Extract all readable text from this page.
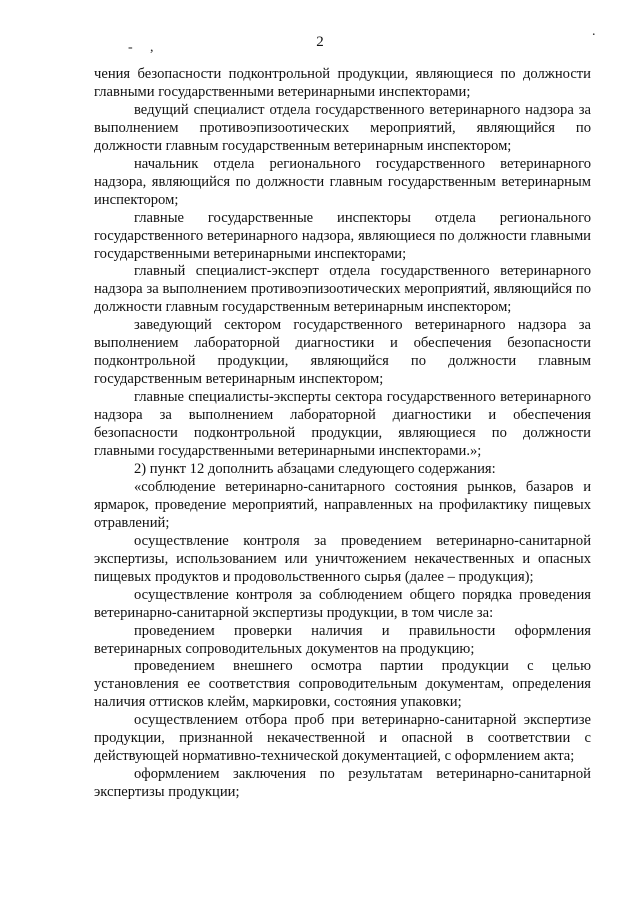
2
- ,
.

чения безопасности подконтрольной продукции, являющиеся по должности главными государственными ветеринарными инспекторами;

ведущий специалист отдела государственного ветеринарного надзора за выполнением противоэпизоотических мероприятий, являющийся по должности главным государственным ветеринарным инспектором;

начальник отдела регионального государственного ветеринарного надзора, являющийся по должности главным государственным ветеринарным инспектором;

главные государственные инспекторы отдела регионального государственного ветеринарного надзора, являющиеся по должности главными государственными ветеринарными инспекторами;

главный специалист-эксперт отдела государственного ветеринарного надзора за выполнением противоэпизоотических мероприятий, являющийся по должности главным государственным ветеринарным инспектором;

заведующий сектором государственного ветеринарного надзора за выполнением лабораторной диагностики и обеспечения безопасности подконтрольной продукции, являющийся по должности главным государственным ветеринарным инспектором;

главные специалисты-эксперты сектора государственного ветеринарного надзора за выполнением лабораторной диагностики и обеспечения безопасности подконтрольной продукции, являющиеся по должности главными государственными ветеринарными инспекторами.»;

2) пункт 12 дополнить абзацами следующего содержания:

«соблюдение ветеринарно-санитарного состояния рынков, базаров и ярмарок, проведение мероприятий, направленных на профилактику пищевых отравлений;

осуществление контроля за проведением ветеринарно-санитарной экспертизы, использованием или уничтожением некачественных и опасных пищевых продуктов и продовольственного сырья (далее – продукция);

осуществление контроля за соблюдением общего порядка проведения ветеринарно-санитарной экспертизы продукции, в том числе за:

проведением проверки наличия и правильности оформления ветеринарных сопроводительных документов на продукцию;

проведением внешнего осмотра партии продукции с целью установления ее соответствия сопроводительным документам, определения наличия оттисков клейм, маркировки, состояния упаковки;

осуществлением отбора проб при ветеринарно-санитарной экспертизе продукции, признанной некачественной и опасной в соответствии с действующей нормативно-технической документацией, с оформлением акта;

оформлением заключения по результатам ветеринарно-санитарной экспертизы продукции;
